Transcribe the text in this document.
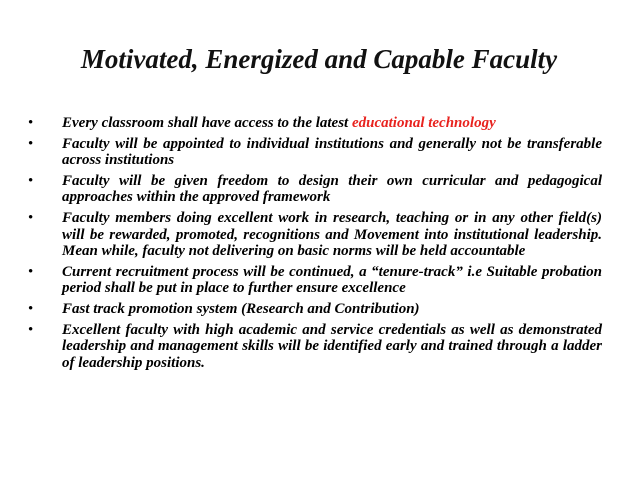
Motivated, Energized and Capable Faculty
• Every classroom shall have access to the latest educational technology
• Faculty will be appointed to individual institutions and generally not be transferable across institutions
• Faculty will be given freedom to design their own curricular and pedagogical approaches within the approved framework
• Faculty members doing excellent work in research, teaching or in any other field(s) will be rewarded, promoted, recognitions and Movement into institutional leadership. Mean while, faculty not delivering on basic norms will be held accountable
• Current recruitment process will be continued, a “tenure-track” i.e Suitable probation period shall be put in place to further ensure excellence
• Fast track promotion system (Research and Contribution)
• Excellent faculty with high academic and service credentials as well as demonstrated leadership and management skills will be identified early and trained through a ladder of leadership positions.
